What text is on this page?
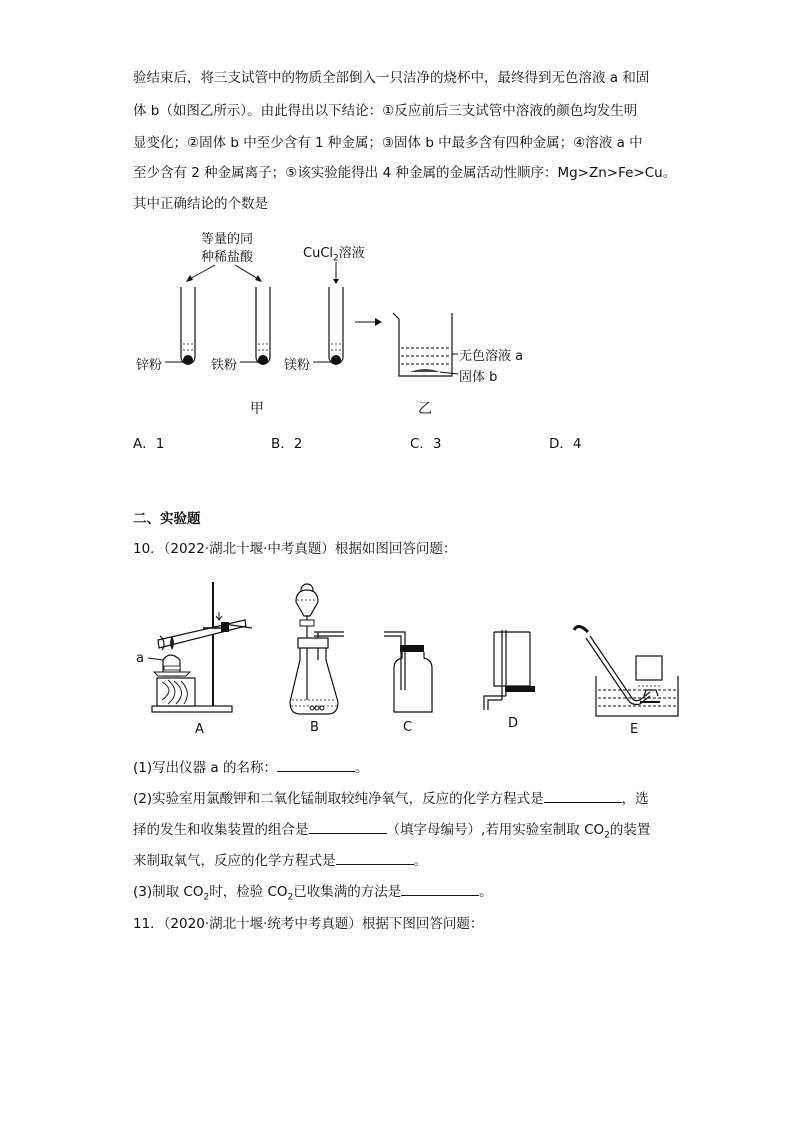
验结束后，将三支试管中的物质全部倒入一只洁净的烧杯中，最终得到无色溶液 a 和固
体 b（如图乙所示）。由此得出以下结论：①反应前后三支试管中溶液的颜色均发生明
显变化；②固体 b 中至少含有 1 种金属；③固体 b 中最多含有四种金属；④溶液 a 中
至少含有 2 种金属离子；⑤该实验能得出 4 种金属的金属活动性顺序：Mg>Zn>Fe>Cu。
其中正确结论的个数是
等量的同
种稀盐酸	CuCl$_2$溶液
锌粉	铁粉	镁粉
无色溶液 a
固体 b
甲	乙
A．1	B．2	C．3	D．4
二、实验题
10．（2022·湖北十堰·中考真题）根据如图回答问题：
a
A	B	C	D	E
(1)写出仪器 a 的名称：	。
(2)实验室用氯酸钾和二氧化锰制取较纯净氧气，反应的化学方程式是	，选
择的发生和收集装置的组合是	（填字母编号）,若用实验室制取 $CO_2$的装置
来制取氧气，反应的化学方程式是	。
(3)制取 $CO_2$时，检验 $CO_2$已收集满的方法是	。
11．（2020·湖北十堰·统考中考真题）根据下图回答问题：
